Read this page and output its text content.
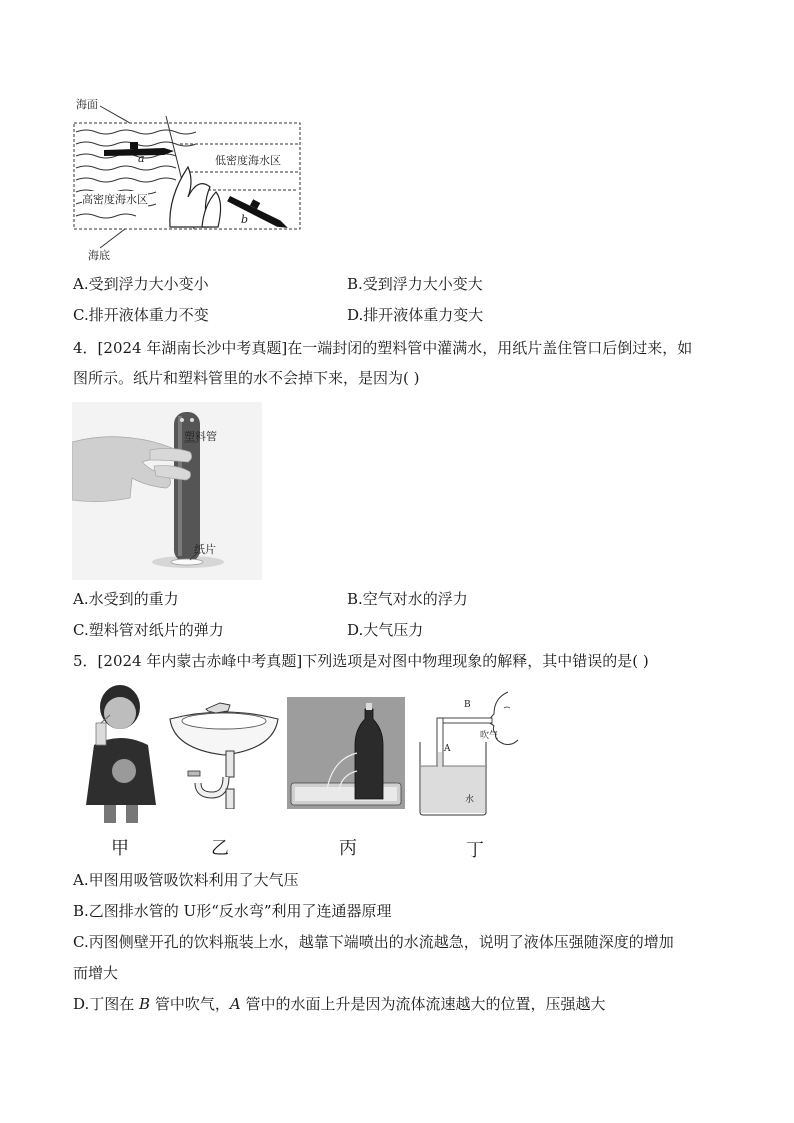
海面
低密度海水区
高密度海水区
a
b
海底
A.受到浮力大小变小	B.受到浮力大小变大
C.排开液体重力不变	D.排开液体重力变大
4．[2024 年湖南长沙中考真题]在一端封闭的塑料管中灌满水，用纸片盖住管口后倒过来，如
图所示。纸片和塑料管里的水不会掉下来，是因为( )
塑料管
纸片
A.水受到的重力	B.空气对水的浮力
C.塑料管对纸片的弹力	D.大气压力
5．[2024 年内蒙古赤峰中考真题]下列选项是对图中物理现象的解释，其中错误的是( )
B
A
吹气
水
甲	乙	丙	丁
A.甲图用吸管吸饮料利用了大气压
B.乙图排水管的 U形“反水弯”利用了连通器原理
C.丙图侧壁开孔的饮料瓶装上水，越靠下端喷出的水流越急，说明了液体压强随深度的增加
而增大
D.丁图在 B 管中吹气，A 管中的水面上升是因为流体流速越大的位置，压强越大
